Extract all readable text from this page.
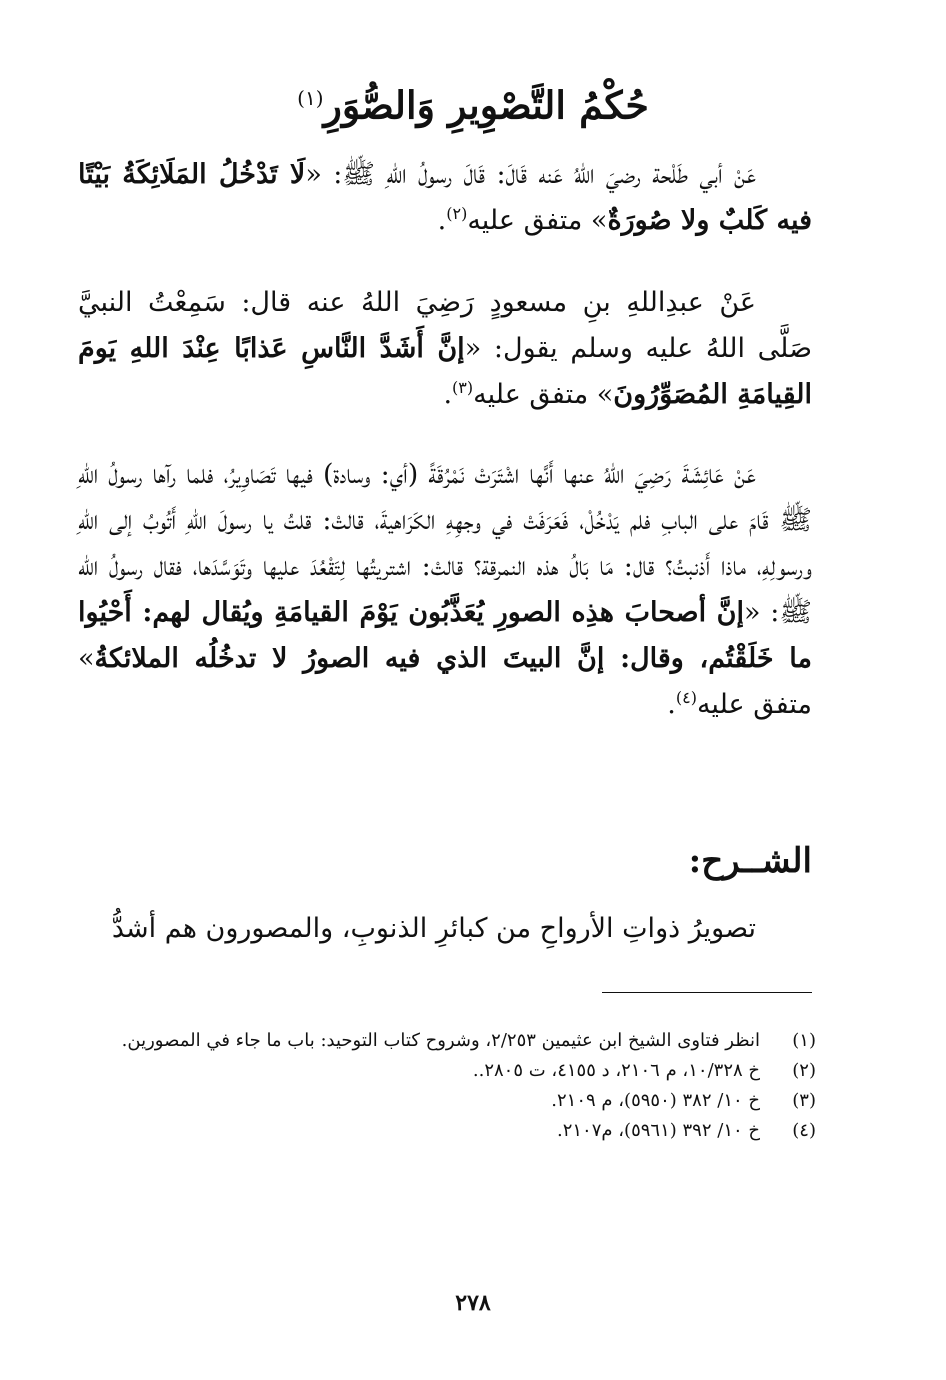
حُكْمُ التَّصْوِيرِ وَالصُّوَرِ$^{(١)}$

عَنْ أبي طَلْحة رضيَ اللهُ عَنه قَالَ: قَالَ رسولُ اللهِ ﷺ: «لَا تَدْخُلُ المَلَائِكَةُ بَيْتًا فيه كَلبٌ ولا صُورَةٌ» متفق عليه$^{(٢)}$.

عَنْ عبدِاللهِ بنِ مسعودٍ رَضِيَ اللهُ عنه قال: سَمِعْتُ النبيَّ صَلَّى اللهُ عليه وسلم يقول: «إنَّ أَشَدَّ النَّاسِ عَذابًا عِنْدَ اللهِ يَومَ القِيامَةِ المُصَوِّرُونَ» متفق عليه$^{(٣)}$.

عَنْ عَائِشَةَ رَضِيَ اللهُ عنها أَنَّها اشْتَرَتْ نَمْرُقَةً (أي: وسادة) فيها تَصَاوِيرُ، فلما رآها رسولُ اللهِ ﷺ قَامَ على البابِ فلم يَدْخُلْ، فَعَرَفَتْ في وجهِهِ الكَرَاهيةَ، قالتْ: قلتُ يا رسولَ اللهِ أَتُوبُ إلى اللهِ ورسولِهِ، ماذا أَذنبتُ؟ قال: مَا بَالُ هذه النمرقة؟ قالتْ: اشتريتُها لِتَقْعُدَ عليها وتَوَسَّدَها، فقال رسولُ الله ﷺ: «إنَّ أصحابَ هذِه الصورِ يُعَذَّبُون يَوْمَ القيامَةِ ويُقال لهم: أَحْيُوا ما خَلَقْتُم، وقال: إنَّ البيتَ الذي فيه الصورُ لا تدخُلُه الملائكةُ» متفق عليه$^{(٤)}$.

الشــرح:

تصويرُ ذواتِ الأرواحِ من كبائرِ الذنوبِ، والمصورون هم أشدُّ

(١)
انظر فتاوى الشيخ ابن عثيمين ٢/٢٥٣، وشروح كتاب التوحيد: باب ما جاء في المصورين.
(٢)
خ ١٠/٣٢٨، م ٢١٠٦، د ٤١٥٥، ت ٢٨٠٥..
(٣)
خ ١٠/ ٣٨٢ (٥٩٥٠)، م ٢١٠٩.
(٤)
خ ١٠/ ٣٩٢ (٥٩٦١)، م٢١٠٧.
٢٧٨
